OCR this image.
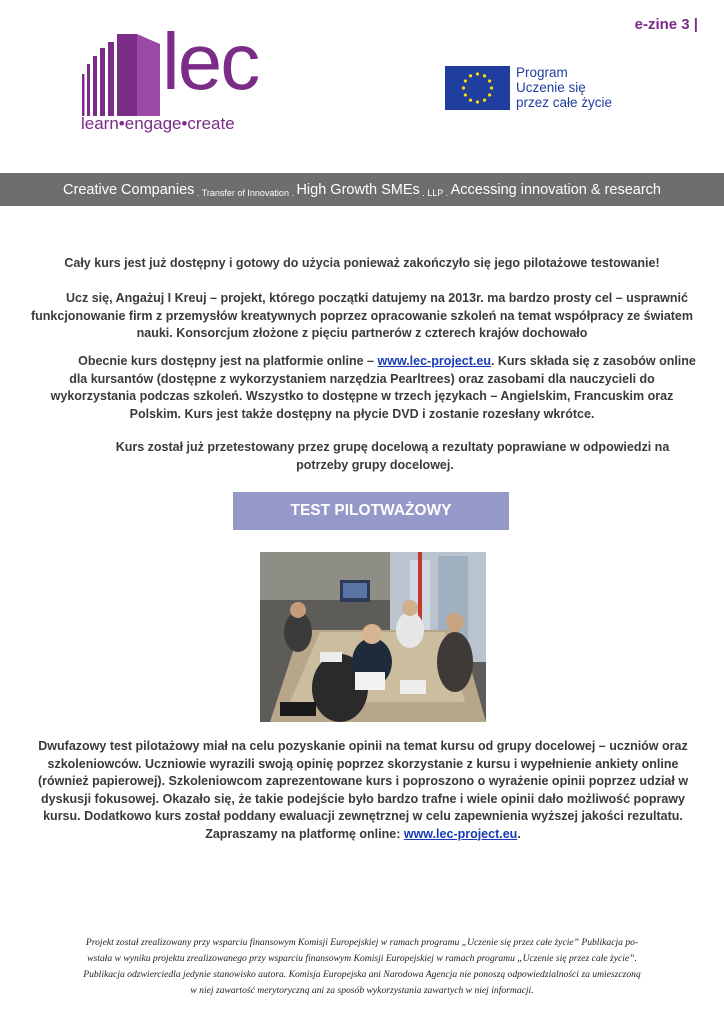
e-zine 3 |
lec
learn•engage•create
Program
Uczenie się
przez całe życie
Creative Companies . Transfer of Innovation . High Growth SMEs . LLP . Accessing innovation & research
Cały kurs jest już dostępny i gotowy do użycia ponieważ zakończyło się jego pilotażowe testowanie!
Ucz się, Angażuj I Kreuj – projekt, którego początki datujemy na 2013r. ma bardzo prosty cel – usprawnić funkcjonowanie firm z przemysłów kreatywnych poprzez opracowanie szkoleń na temat współpracy ze światem nauki. Konsorcjum złożone z pięciu partnerów z czterech krajów dochowało
Obecnie kurs dostępny jest na platformie online – www.lec-project.eu. Kurs składa się z zasobów online dla kursantów (dostępne z wykorzystaniem narzędzia Pearltrees) oraz zasobami dla nauczycieli do wykorzystania podczas szkoleń. Wszystko to dostępne w trzech językach – Angielskim, Francuskim oraz Polskim. Kurs jest także dostępny na płycie DVD i zostanie rozesłany wkrótce.
Kurs został już przetestowany przez grupę docelową a rezultaty poprawiane w odpowiedzi na potrzeby grupy docelowej.
TEST PILOTWAŻOWY
Dwufazowy test pilotażowy miał na celu pozyskanie opinii na temat kursu od grupy docelowej – uczniów oraz szkoleniowców. Uczniowie wyrazili swoją opinię poprzez skorzystanie z kursu i wypełnienie ankiety online (również papierowej). Szkoleniowcom zaprezentowane kurs i poproszono o wyrażenie opinii poprzez udział w dyskusji fokusowej. Okazało się, że takie podejście było bardzo trafne i wiele opinii dało możliwość poprawy kursu. Dodatkowo kurs został poddany ewaluacji zewnętrznej w celu zapewnienia wyższej jakości rezultatu. Zapraszamy na platformę online: www.lec-project.eu.
Projekt został zrealizowany przy wsparciu finansowym Komisji Europejskiej w ramach programu „Uczenie się przez całe życie” Publikacja po-
wstała w wyniku projektu zrealizowanego przy wsparciu finansowym Komisji Europejskiej w ramach programu „Uczenie się przez całe życie”.
Publikacja odzwierciedla jedynie stanowisko autora. Komisja Europejska ani Narodowa Agencja nie ponoszą odpowiedzialności za umieszczoną
w niej zawartość merytoryczną ani za sposób wykorzystania zawartych w niej informacji.
